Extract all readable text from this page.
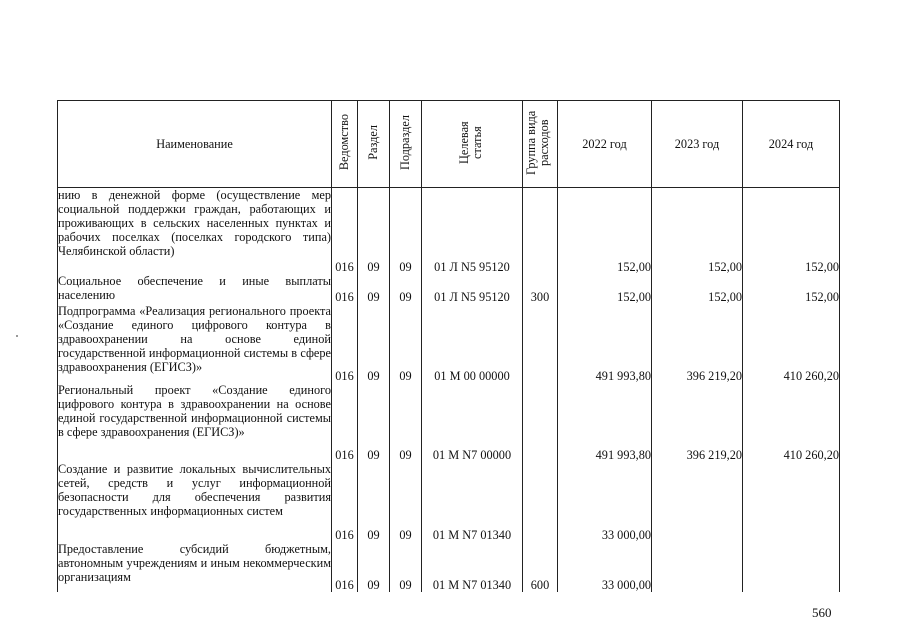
Наименование	Ведомство	Раздел	Подраздел	Целевая статья	Группа вида расходов	2022 год	2023 год	2024 год
нию в денежной форме (осуществление мер социальной поддержки граждан, работающих и проживающих в сельских населенных пунктах и рабочих поселках (поселках городского типа) Челябинской области)	016	09	09	01 Л N5 95120		152,00	152,00	152,00
Социальное обеспечение и иные выплаты населению	016	09	09	01 Л N5 95120	300	152,00	152,00	152,00
Подпрограмма «Реализация регионального проекта «Создание единого цифрового контура в здравоохранении на основе единой государственной информационной системы в сфере здравоохранения (ЕГИСЗ)»	016	09	09	01 М 00 00000		491 993,80	396 219,20	410 260,20
Региональный проект «Создание единого цифрового контура в здравоохранении на основе единой государственной информационной системы в сфере здравоохранения (ЕГИСЗ)»	016	09	09	01 М N7 00000		491 993,80	396 219,20	410 260,20
Создание и развитие локальных вычислительных сетей, средств и услуг информационной безопасности для обеспечения развития государственных информационных систем	016	09	09	01 М N7 01340		33 000,00		
Предоставление субсидий бюджетным, автономным учреждениям и иным некоммерческим организациям	016	09	09	01 М N7 01340	600	33 000,00		
560
